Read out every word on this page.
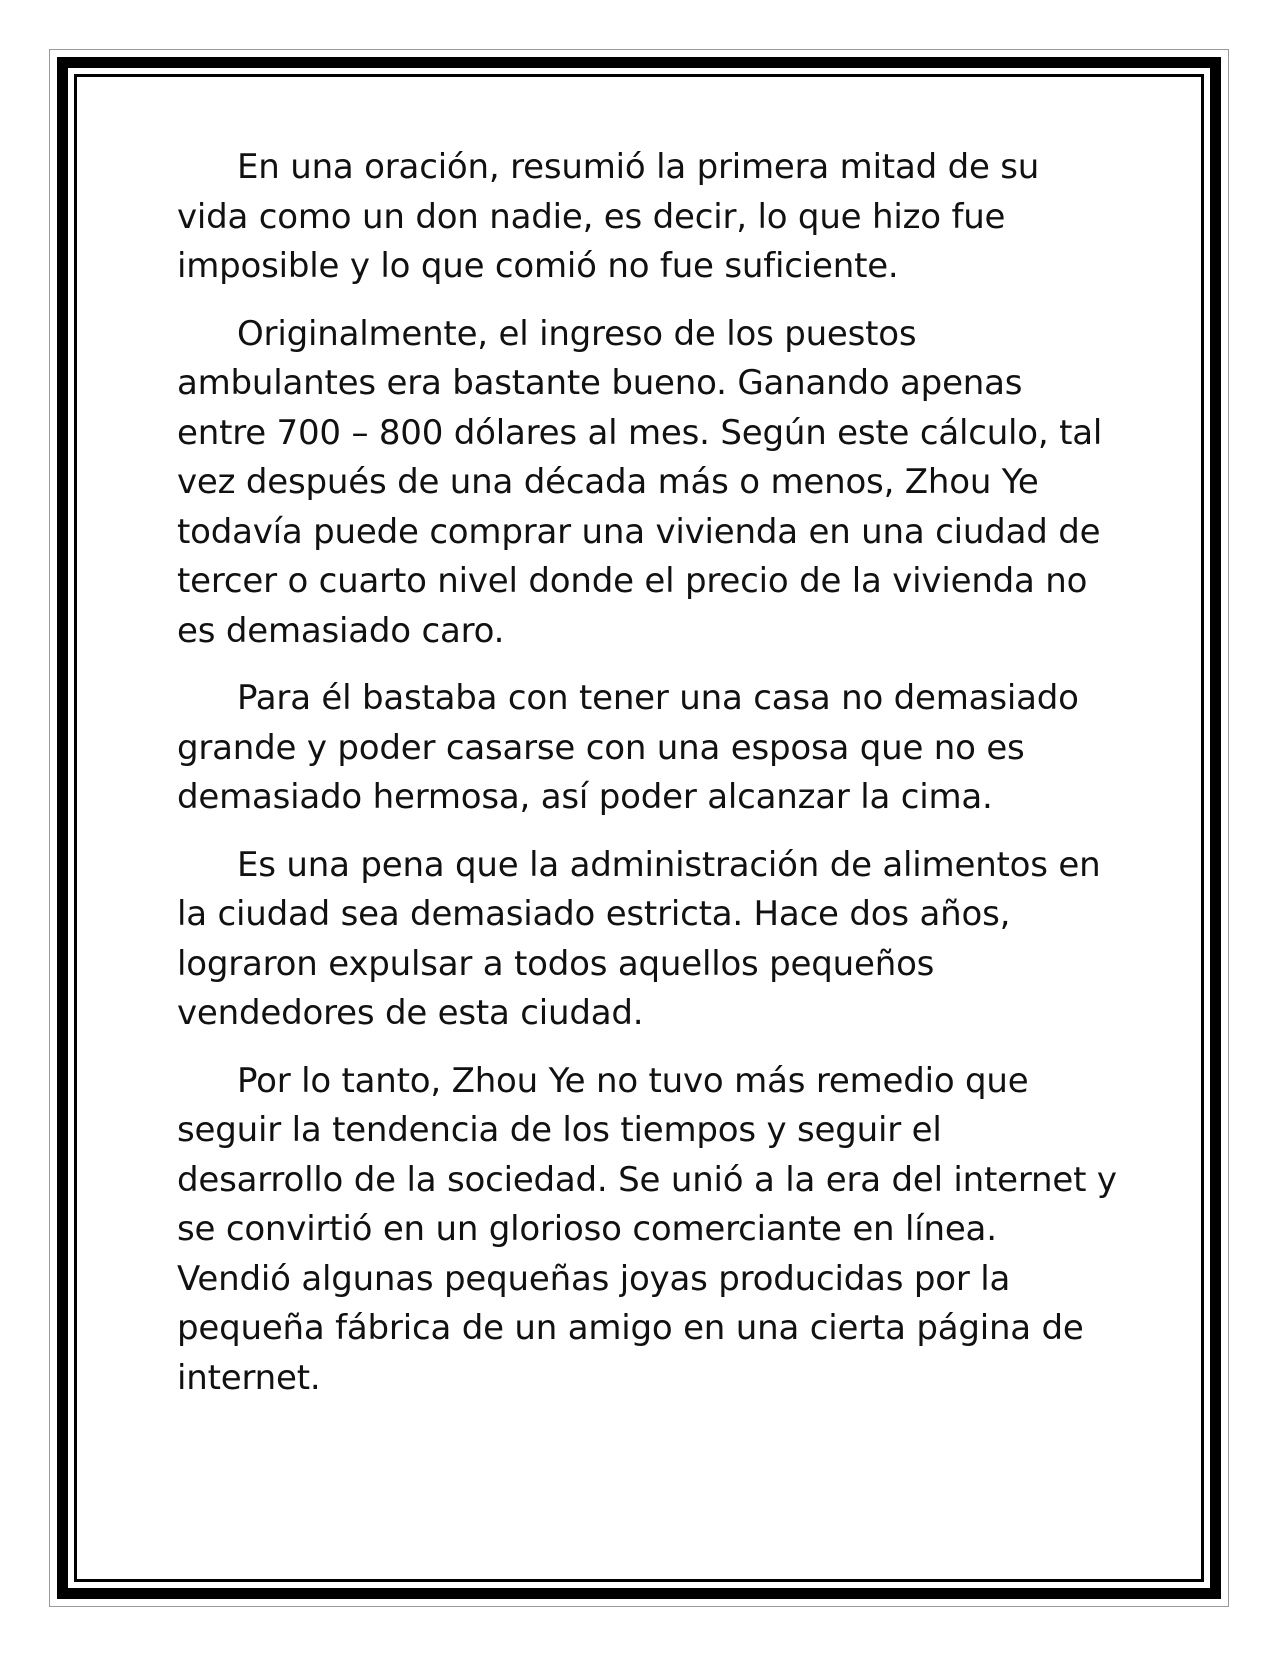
En una oración, resumió la primera mitad de su vida como un don nadie, es decir, lo que hizo fue imposible y lo que comió no fue suficiente.

Originalmente, el ingreso de los puestos ambulantes era bastante bueno. Ganando apenas entre 700 – 800 dólares al mes. Según este cálculo, tal vez después de una década más o menos, Zhou Ye todavía puede comprar una vivienda en una ciudad de tercer o cuarto nivel donde el precio de la vivienda no es demasiado caro.

Para él bastaba con tener una casa no demasiado grande y poder casarse con una esposa que no es demasiado hermosa, así poder alcanzar la cima.

Es una pena que la administración de alimentos en la ciudad sea demasiado estricta. Hace dos años, lograron expulsar a todos aquellos pequeños vendedores de esta ciudad.

Por lo tanto, Zhou Ye no tuvo más remedio que seguir la tendencia de los tiempos y seguir el desarrollo de la sociedad. Se unió a la era del internet y se convirtió en un glorioso comerciante en línea. Vendió algunas pequeñas joyas producidas por la pequeña fábrica de un amigo en una cierta página de internet.
